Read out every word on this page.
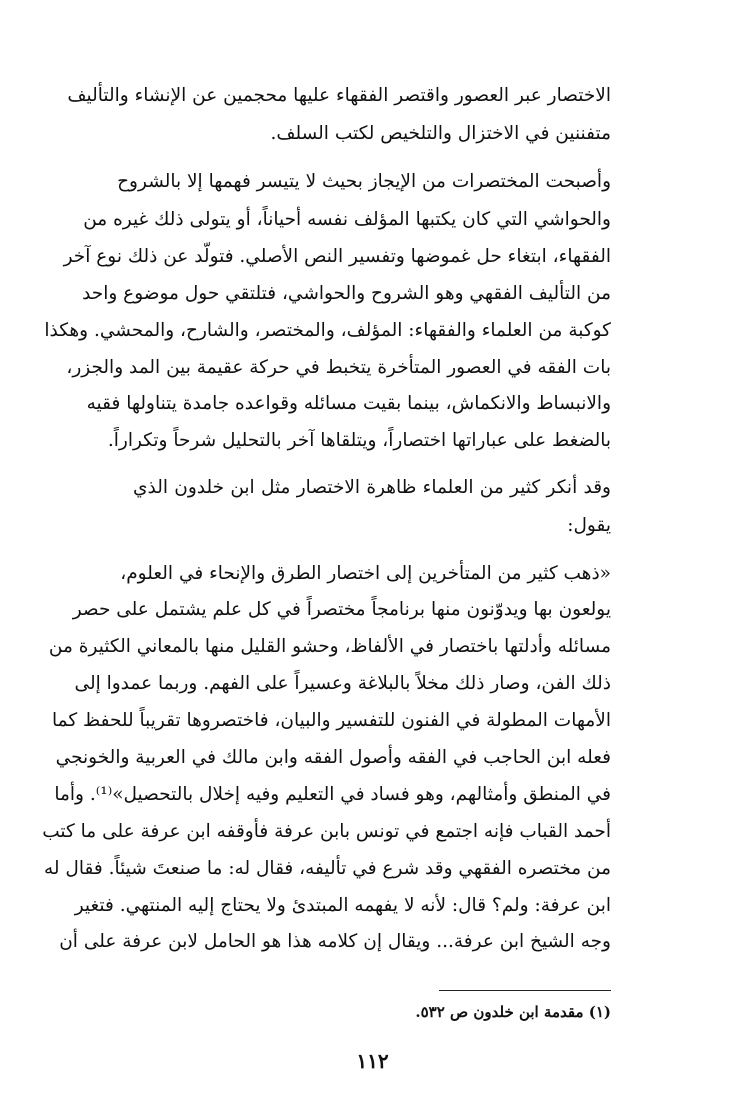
الاختصار عبر العصور واقتصر الفقهاء عليها محجمين عن الإنشاء والتأليف
متفننين في الاختزال والتلخيص لكتب السلف.
وأصبحت المختصرات من الإيجاز بحيث لا يتيسر فهمها إلا بالشروح
والحواشي التي كان يكتبها المؤلف نفسه أحياناً، أو يتولى ذلك غيره من
الفقهاء، ابتغاء حل غموضها وتفسير النص الأصلي. فتولّد عن ذلك نوع آخر
من التأليف الفقهي وهو الشروح والحواشي، فتلتقي حول موضوع واحد
كوكبة من العلماء والفقهاء: المؤلف، والمختصر، والشارح، والمحشي. وهكذا
بات الفقه في العصور المتأخرة يتخبط في حركة عقيمة بين المد والجزر،
والانبساط والانكماش، بينما بقيت مسائله وقواعده جامدة يتناولها فقيه
بالضغط على عباراتها اختصاراً، ويتلقاها آخر بالتحليل شرحاً وتكراراً.
وقد أنكر كثير من العلماء ظاهرة الاختصار مثل ابن خلدون الذي
يقول:
«ذهب كثير من المتأخرين إلى اختصار الطرق والإنحاء في العلوم،
يولعون بها ويدوّنون منها برنامجاً مختصراً في كل علم يشتمل على حصر
مسائله وأدلتها باختصار في الألفاظ، وحشو القليل منها بالمعاني الكثيرة من
ذلك الفن، وصار ذلك مخلاً بالبلاغة وعسيراً على الفهم. وربما عمدوا إلى
الأمهات المطولة في الفنون للتفسير والبيان، فاختصروها تقريباً للحفظ كما
فعله ابن الحاجب في الفقه وأصول الفقه وابن مالك في العربية والخونجي
في المنطق وأمثالهم، وهو فساد في التعليم وفيه إخلال بالتحصيل»⁽¹⁾. وأما
أحمد القباب فإنه اجتمع في تونس بابن عرفة فأوقفه ابن عرفة على ما كتب
من مختصره الفقهي وقد شرع في تأليفه، فقال له: ما صنعتَ شيئاً. فقال له
ابن عرفة: ولم؟ قال: لأنه لا يفهمه المبتدئ ولا يحتاج إليه المنتهي. فتغير
وجه الشيخ ابن عرفة... ويقال إن كلامه هذا هو الحامل لابن عرفة على أن
(١) مقدمة ابن خلدون ص ٥٣٢.
١١٢
